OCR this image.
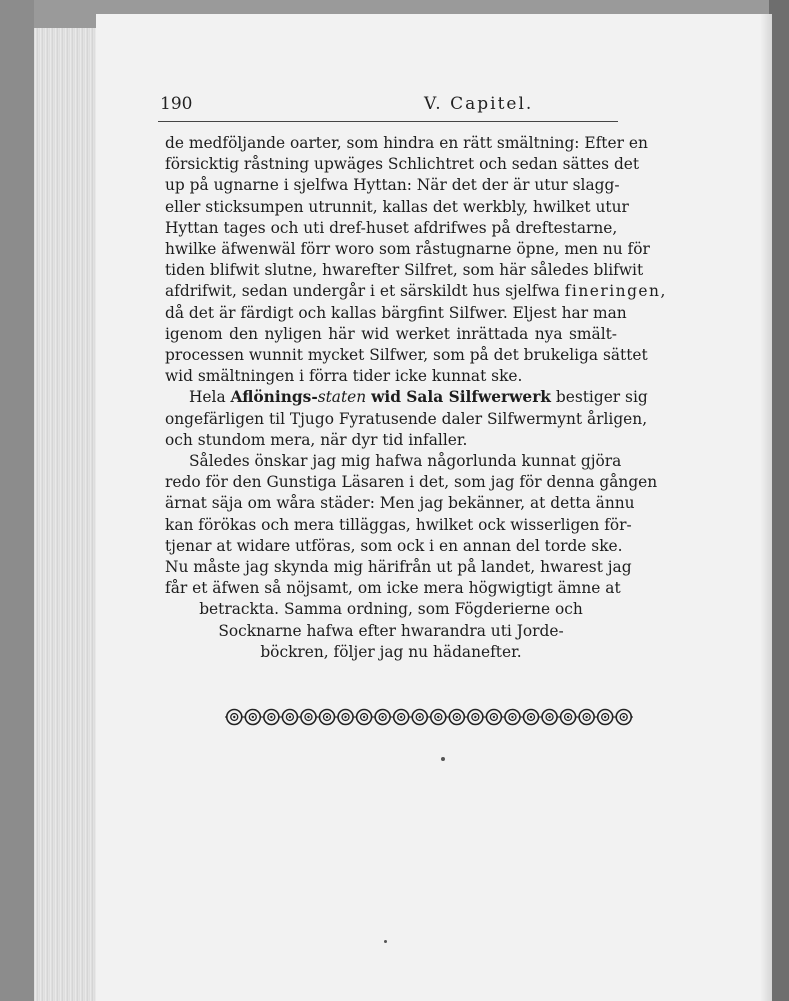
190	V. Capitel.
de medföljande oarter, som hindra en rätt smältning: Efter en
försicktig råstning upwäges Schlichtret och sedan sättes det
up på ugnarne i sjelfwa Hyttan: När det der är utur slagg-
eller sticksumpen utrunnit, kallas det werkbly, hwilket utur
Hyttan tages och uti dref-huset afdrifwes på dreftestarne,
hwilke äfwenwäl förr woro som råstugnarne öpne, men nu för
tiden blifwit slutne, hwarefter Silfret, som här således blifwit
afdrifwit, sedan undergår i et särskildt hus sjelfwa fineringen,
då det är färdigt och kallas bärgfint Silfwer. Eljest har man
igenom den nyligen här wid werket inrättada nya smält-
processen wunnit mycket Silfwer, som på det brukeliga sättet
wid smältningen i förra tider icke kunnat ske.
Hela Aflönings-staten wid Sala Silfwerwerk bestiger sig
ongefärligen til Tjugo Fyratusende daler Silfwermynt årligen,
och stundom mera, när dyr tid infaller.
Således önskar jag mig hafwa någorlunda kunnat gjöra
redo för den Gunstiga Läsaren i det, som jag för denna gången
ärnat säja om wåra städer: Men jag bekänner, at detta ännu
kan förökas och mera tilläggas, hwilket ock wisserligen för-
tjenar at widare utföras, som ock i en annan del torde ske.
Nu måste jag skynda mig härifrån ut på landet, hwarest jag
får et äfwen så nöjsamt, om icke mera högwigtigt ämne at
betrackta. Samma ordning, som Fögderierne och
Socknarne hafwa efter hwarandra uti Jorde-
böckren, följer jag nu hädanefter.
